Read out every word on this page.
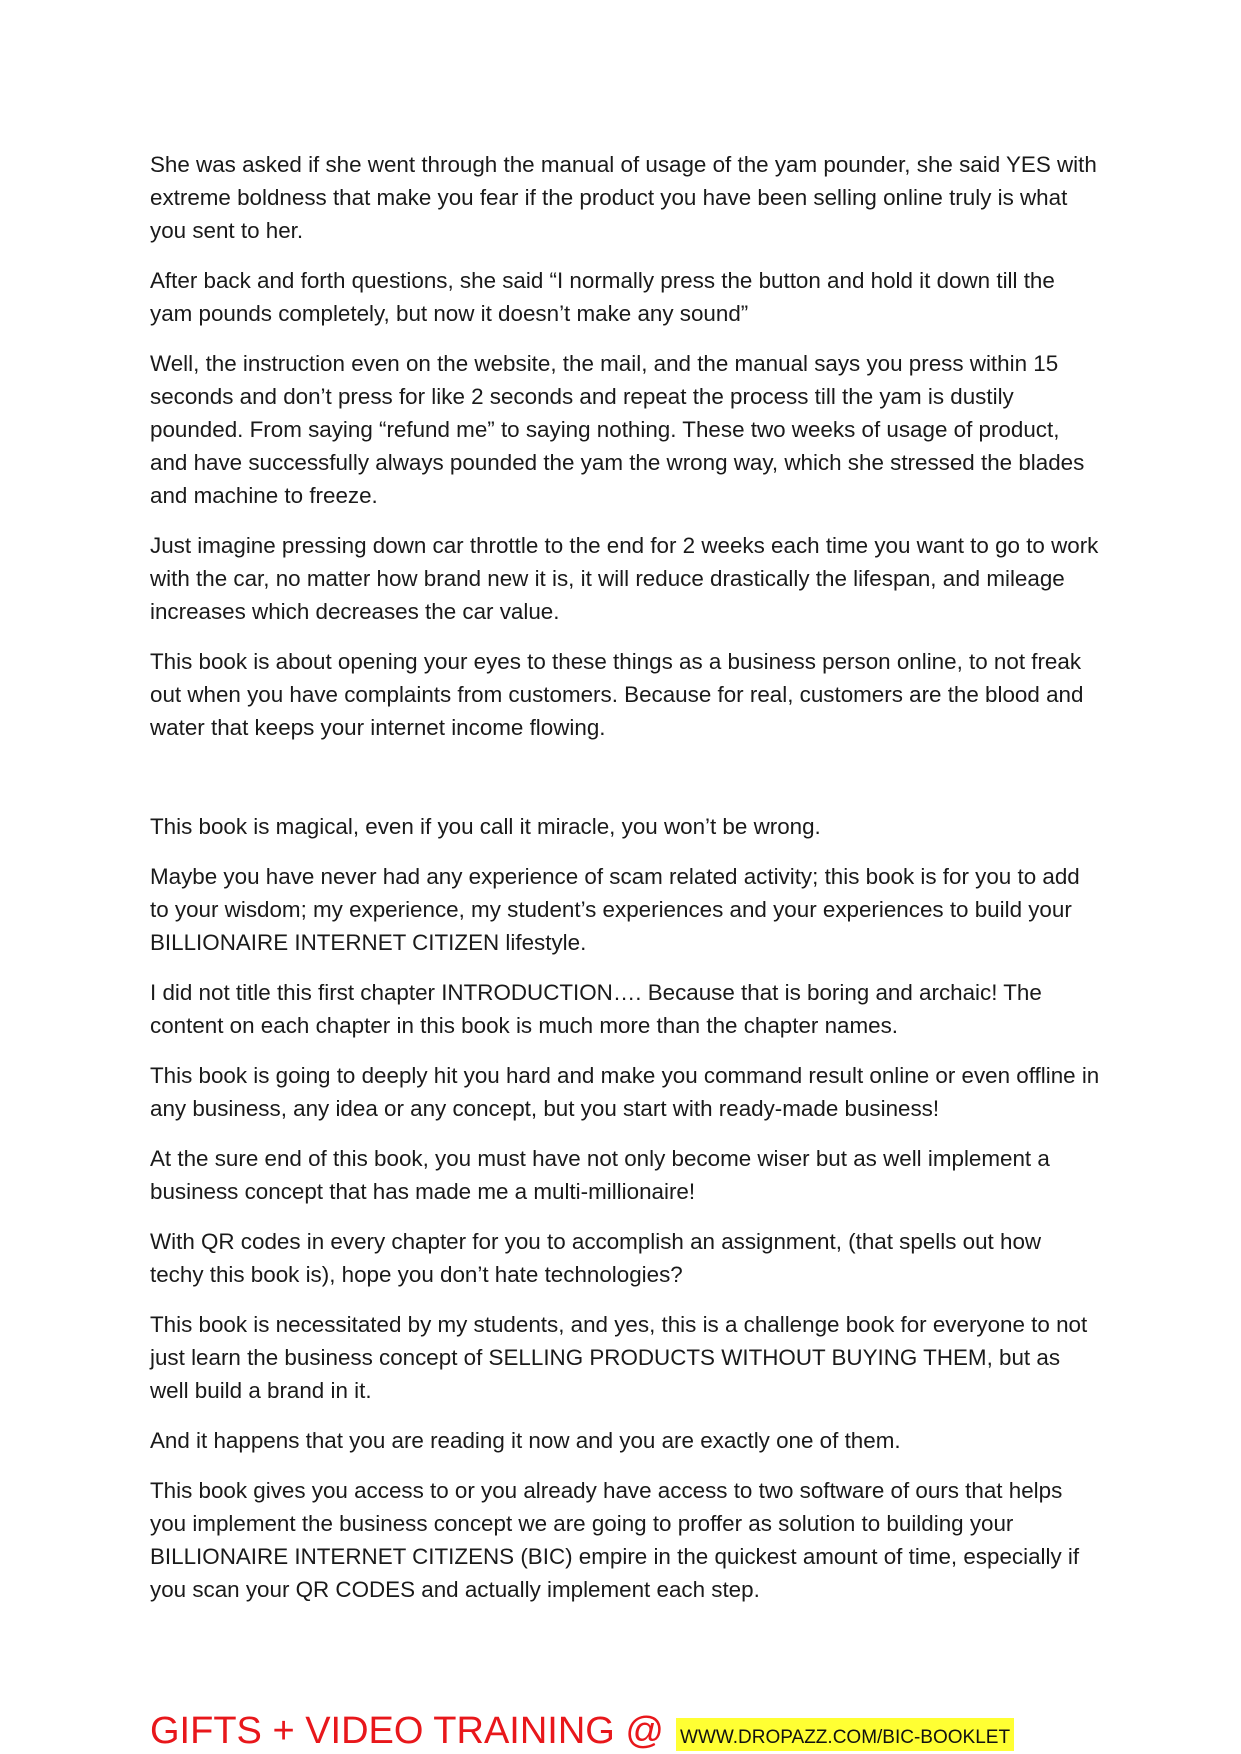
She was asked if she went through the manual of usage of the yam pounder, she said YES with extreme boldness that make you fear if the product you have been selling online truly is what you sent to her.

After back and forth questions, she said “I normally press the button and hold it down till the yam pounds completely, but now it doesn’t make any sound”

Well, the instruction even on the website, the mail, and the manual says you press within 15 seconds and don’t press for like 2 seconds and repeat the process till the yam is dustily pounded. From saying “refund me” to saying nothing. These two weeks of usage of product, and have successfully always pounded the yam the wrong way, which she stressed the blades and machine to freeze.

Just imagine pressing down car throttle to the end for 2 weeks each time you want to go to work with the car, no matter how brand new it is, it will reduce drastically the lifespan, and mileage increases which decreases the car value.

This book is about opening your eyes to these things as a business person online, to not freak out when you have complaints from customers. Because for real, customers are the blood and water that keeps your internet income flowing.

This book is magical, even if you call it miracle, you won’t be wrong.

Maybe you have never had any experience of scam related activity; this book is for you to add to your wisdom; my experience, my student’s experiences and your experiences to build your BILLIONAIRE INTERNET CITIZEN lifestyle.

I did not title this first chapter INTRODUCTION…. Because that is boring and archaic! The content on each chapter in this book is much more than the chapter names.

This book is going to deeply hit you hard and make you command result online or even offline in any business, any idea or any concept, but you start with ready-made business!

At the sure end of this book, you must have not only become wiser but as well implement a business concept that has made me a multi-millionaire!

With QR codes in every chapter for you to accomplish an assignment, (that spells out how techy this book is), hope you don’t hate technologies?

This book is necessitated by my students, and yes, this is a challenge book for everyone to not just learn the business concept of SELLING PRODUCTS WITHOUT BUYING THEM, but as well build a brand in it.

And it happens that you are reading it now and you are exactly one of them.

This book gives you access to or you already have access to two software of ours that helps you implement the business concept we are going to proffer as solution to building your BILLIONAIRE INTERNET CITIZENS (BIC) empire in the quickest amount of time, especially if you scan your QR CODES and actually implement each step.

GIFTS + VIDEO TRAINING @ WWW.DROPAZZ.COM/BIC-BOOKLET
